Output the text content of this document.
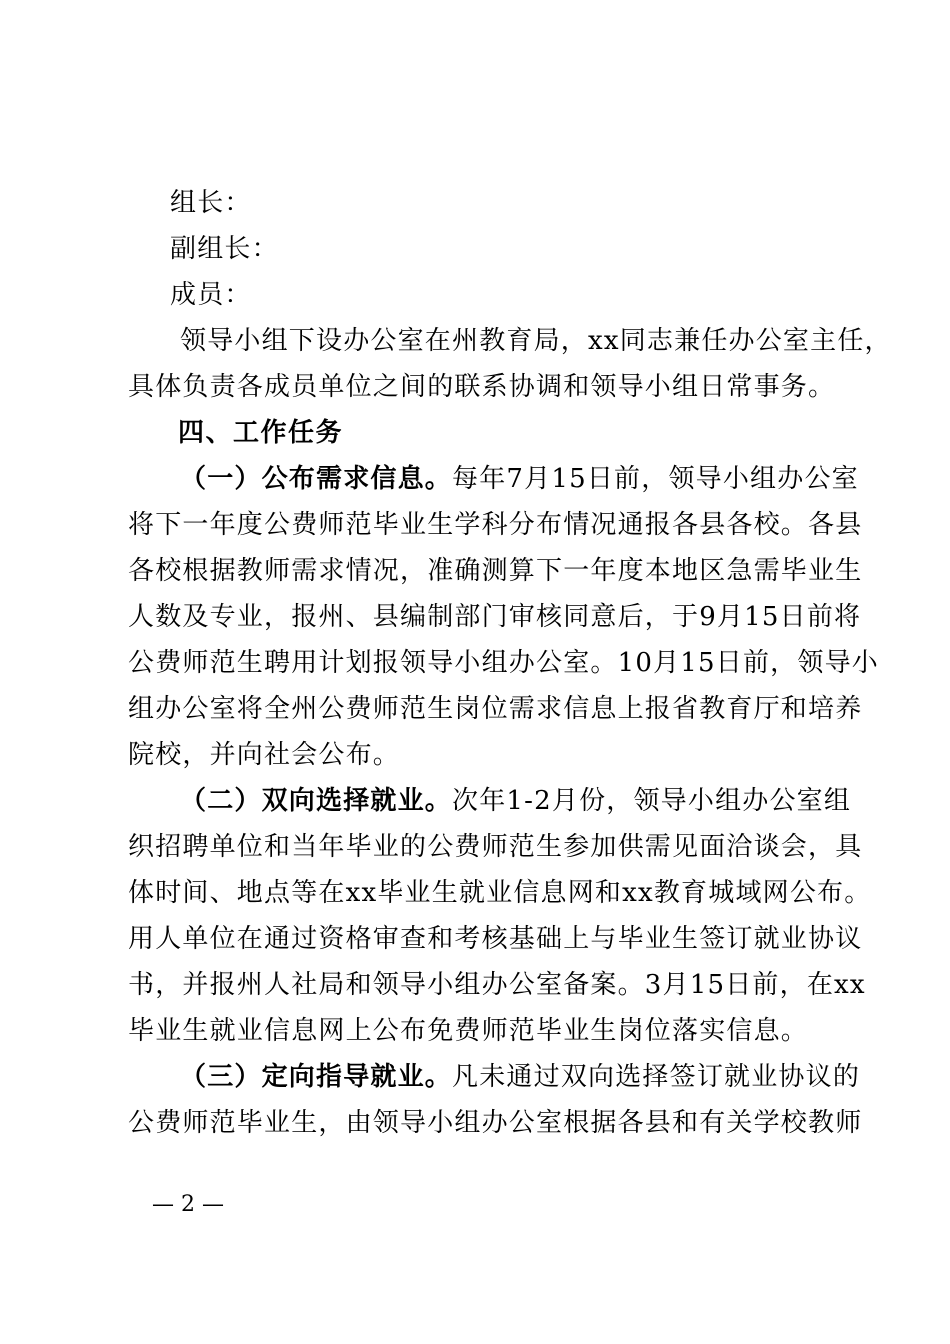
组长：
副组长：
成员：
领导小组下设办公室在州教育局，xx同志兼任办公室主任，
具体负责各成员单位之间的联系协调和领导小组日常事务。
四、工作任务
（一）公布需求信息。每年7月15日前，领导小组办公室
将下一年度公费师范毕业生学科分布情况通报各县各校。各县
各校根据教师需求情况，准确测算下一年度本地区急需毕业生
人数及专业，报州、县编制部门审核同意后，于9月15日前将
公费师范生聘用计划报领导小组办公室。10月15日前，领导小
组办公室将全州公费师范生岗位需求信息上报省教育厅和培养
院校，并向社会公布。
（二）双向选择就业。次年1-2月份，领导小组办公室组
织招聘单位和当年毕业的公费师范生参加供需见面洽谈会，具
体时间、地点等在xx毕业生就业信息网和xx教育城域网公布。
用人单位在通过资格审查和考核基础上与毕业生签订就业协议
书，并报州人社局和领导小组办公室备案。3月15日前，在xx
毕业生就业信息网上公布免费师范毕业生岗位落实信息。
（三）定向指导就业。凡未通过双向选择签订就业协议的
公费师范毕业生，由领导小组办公室根据各县和有关学校教师
— 2 —
